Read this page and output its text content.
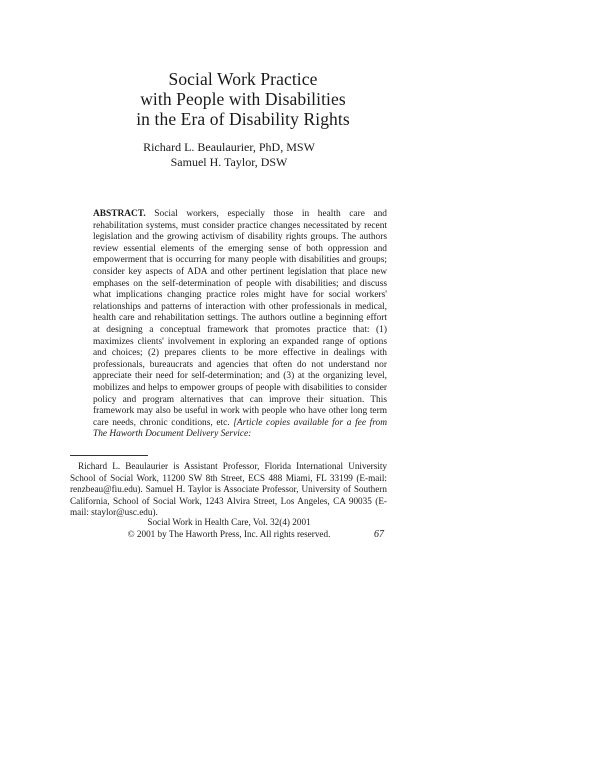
Social Work Practice
with People with Disabilities
in the Era of Disability Rights
Richard L. Beaulaurier, PhD, MSW
Samuel H. Taylor, DSW

ABSTRACT. Social workers, especially those in health care and rehabilitation systems, must consider practice changes necessitated by recent legislation and the growing activism of disability rights groups. The authors review essential elements of the emerging sense of both oppression and empowerment that is occurring for many people with disabilities and groups; consider key aspects of ADA and other pertinent legislation that place new emphases on the self-determination of people with disabilities; and discuss what implications changing practice roles might have for social workers' relationships and patterns of interaction with other professionals in medical, health care and rehabilitation settings. The authors outline a beginning effort at designing a conceptual framework that promotes practice that: (1) maximizes clients' involvement in exploring an expanded range of options and choices; (2) prepares clients to be more effective in dealings with professionals, bureaucrats and agencies that often do not understand nor appreciate their need for self-determination; and (3) at the organizing level, mobilizes and helps to empower groups of people with disabilities to consider policy and program alternatives that can improve their situation. This framework may also be useful in work with people who have other long term care needs, chronic conditions, etc. [Article copies available for a fee from The Haworth Document Delivery Service:

Richard L. Beaulaurier is Assistant Professor, Florida International University School of Social Work, 11200 SW 8th Street, ECS 488 Miami, FL 33199 (E-mail: renzbeau@fiu.edu). Samuel H. Taylor is Associate Professor, University of Southern California, School of Social Work, 1243 Alvira Street, Los Angeles, CA 90035 (E-mail: staylor@usc.edu).

Social Work in Health Care, Vol. 32(4) 2001
© 2001 by The Haworth Press, Inc. All rights reserved.	67
